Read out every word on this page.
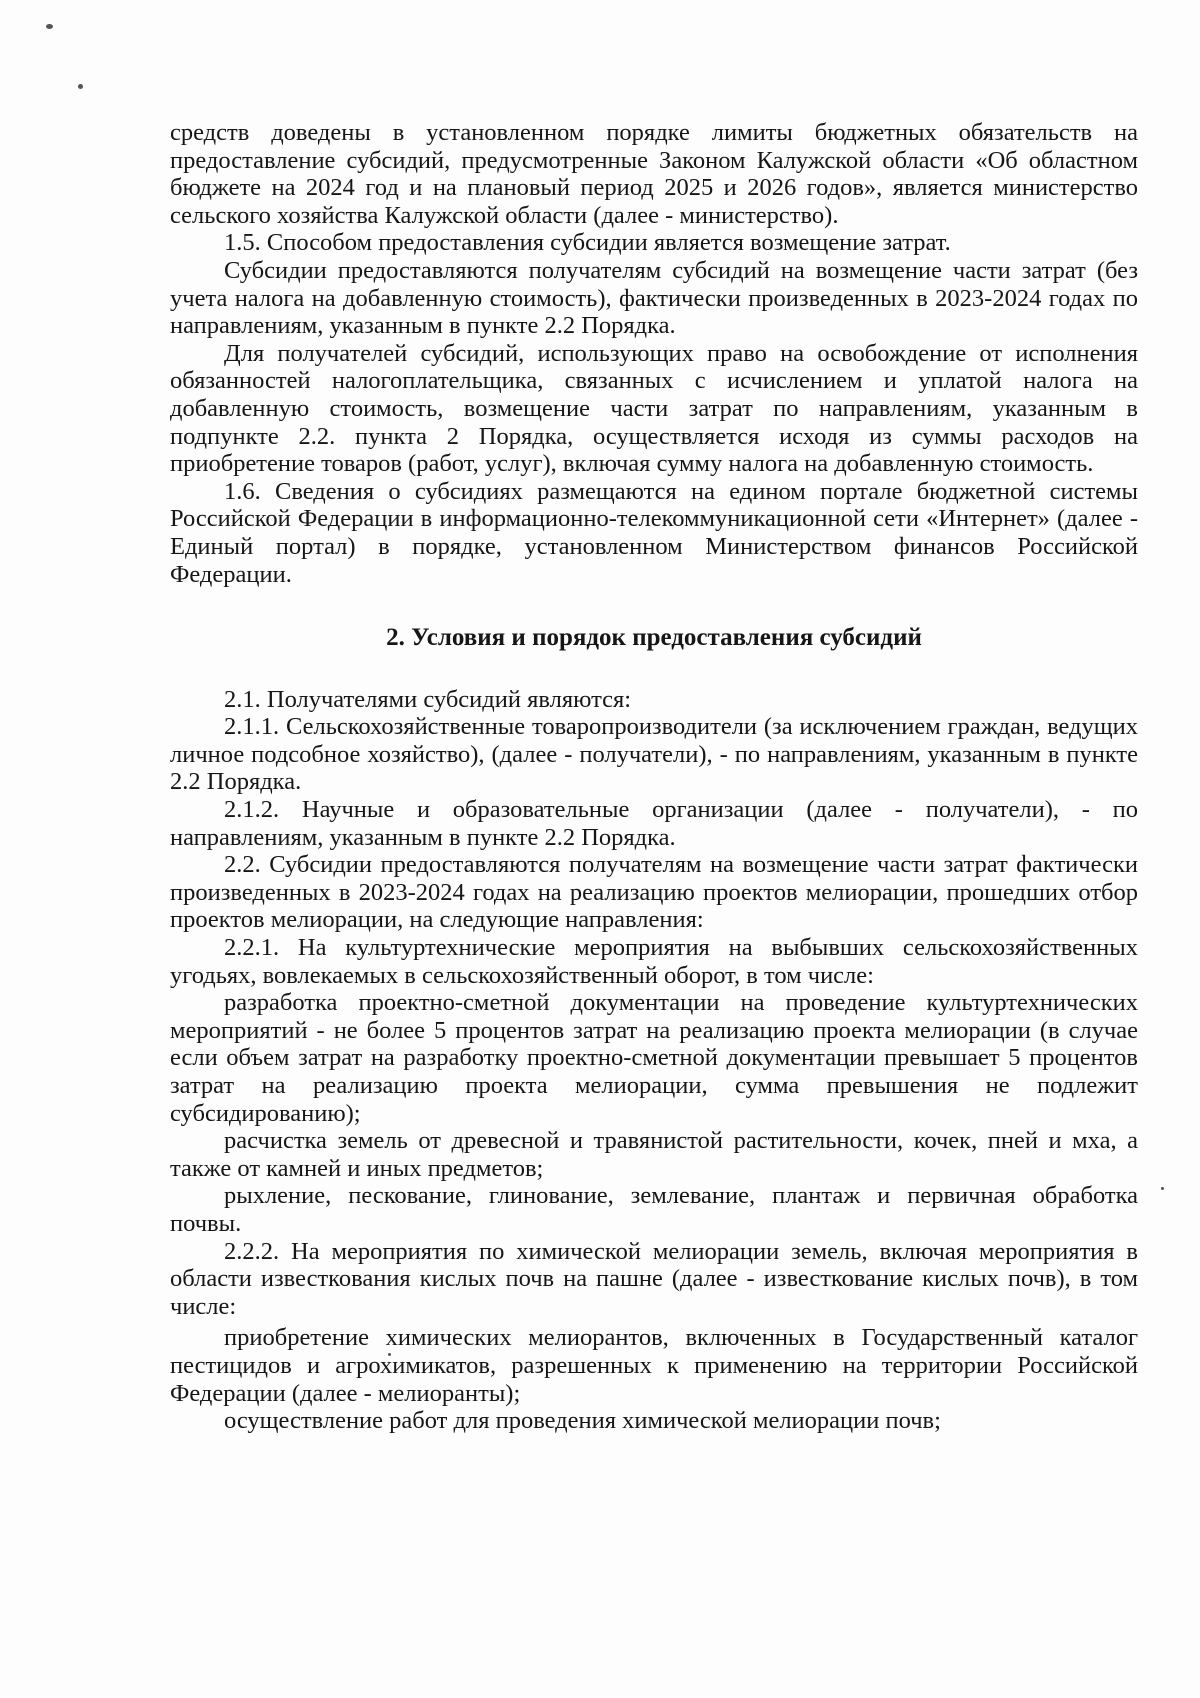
средств доведены в установленном порядке лимиты бюджетных обязательств на предоставление субсидий, предусмотренные Законом Калужской области «Об областном бюджете на 2024 год и на плановый период 2025 и 2026 годов», является министерство сельского хозяйства Калужской области (далее - министерство).

1.5. Способом предоставления субсидии является возмещение затрат.

Субсидии предоставляются получателям субсидий на возмещение части затрат (без учета налога на добавленную стоимость), фактически произведенных в 2023-2024 годах по направлениям, указанным в пункте 2.2 Порядка.

Для получателей субсидий, использующих право на освобождение от исполнения обязанностей налогоплательщика, связанных с исчислением и уплатой налога на добавленную стоимость, возмещение части затрат по направлениям, указанным в подпункте 2.2. пункта 2 Порядка, осуществляется исходя из суммы расходов на приобретение товаров (работ, услуг), включая сумму налога на добавленную стоимость.

1.6. Сведения о субсидиях размещаются на едином портале бюджетной системы Российской Федерации в информационно-телекоммуникационной сети «Интернет» (далее - Единый портал) в порядке, установленном Министерством финансов Российской Федерации.

2. Условия и порядок предоставления субсидий

2.1. Получателями субсидий являются:

2.1.1. Сельскохозяйственные товаропроизводители (за исключением граждан, ведущих личное подсобное хозяйство), (далее - получатели), - по направлениям, указанным в пункте 2.2 Порядка.

2.1.2. Научные и образовательные организации (далее - получатели), - по направлениям, указанным в пункте 2.2 Порядка.

2.2. Субсидии предоставляются получателям на возмещение части затрат фактически произведенных в 2023-2024 годах на реализацию проектов мелиорации, прошедших отбор проектов мелиорации, на следующие направления:

2.2.1. На культуртехнические мероприятия на выбывших сельскохозяйственных угодьях, вовлекаемых в сельскохозяйственный оборот, в том числе:

разработка проектно-сметной документации на проведение культуртехнических мероприятий - не более 5 процентов затрат на реализацию проекта мелиорации (в случае если объем затрат на разработку проектно-сметной документации превышает 5 процентов затрат на реализацию проекта мелиорации, сумма превышения не подлежит субсидированию);

расчистка земель от древесной и травянистой растительности, кочек, пней и мха, а также от камней и иных предметов;

рыхление, пескование, глинование, землевание, плантаж и первичная обработка почвы.

2.2.2. На мероприятия по химической мелиорации земель, включая мероприятия в области известкования кислых почв на пашне (далее - известкование кислых почв), в том числе:

приобретение химических мелиорантов, включенных в Государственный каталог пестицидов и агрохимикатов, разрешенных к применению на территории Российской Федерации (далее - мелиоранты);

осуществление работ для проведения химической мелиорации почв;
